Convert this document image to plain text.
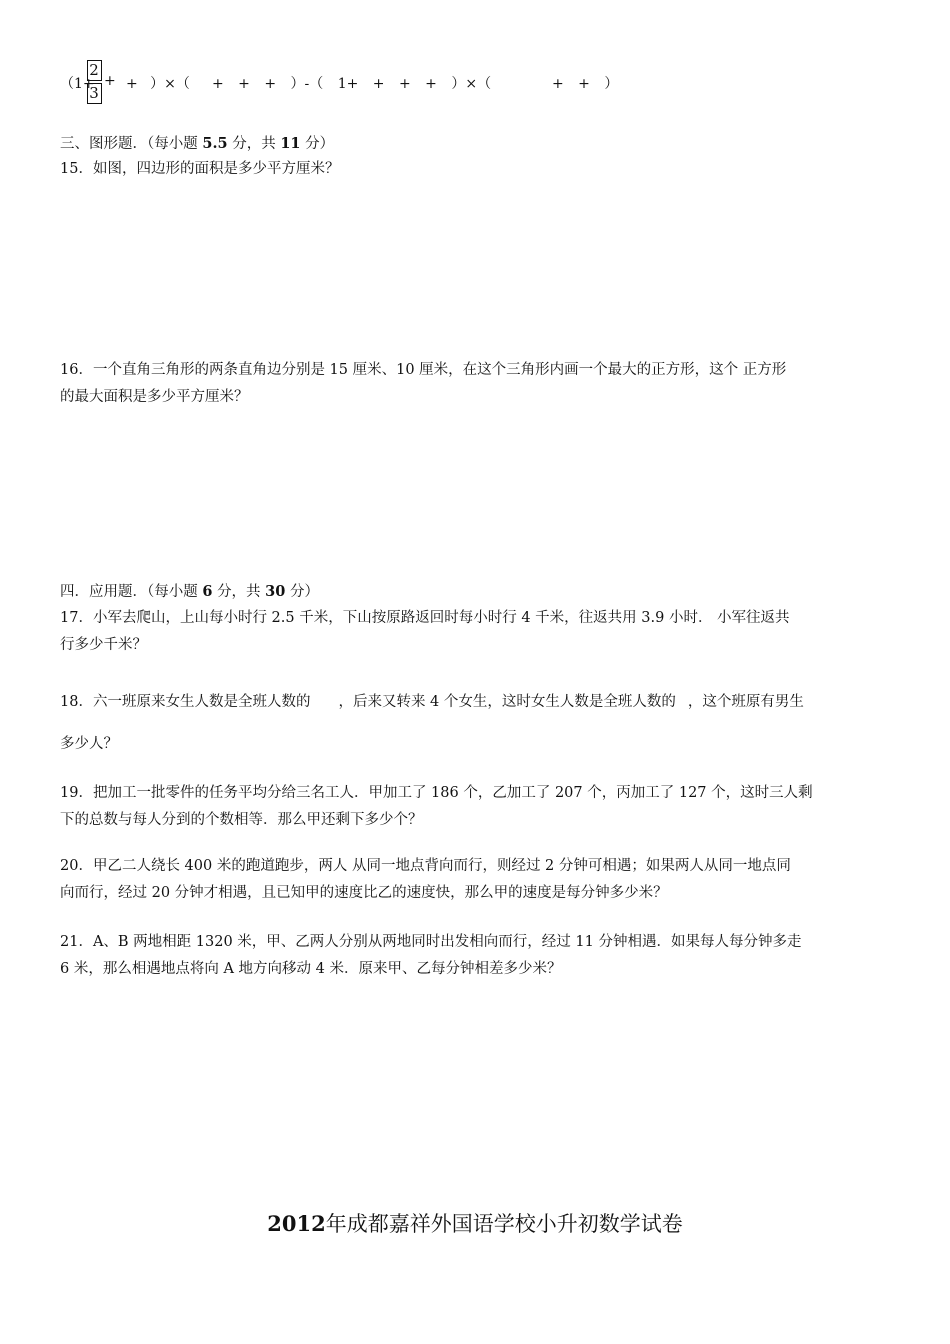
（1+
$\frac{2}{3}$ + + ）×（ + + + ）-（ 1+ + + + ）×（	+ + ）
三、图形题．（每小题 5.5 分，共 11 分）
15．如图，四边形的面积是多少平方厘米？
16．一个直角三角形的两条直角边分别是 15 厘米、10 厘米，在这个三角形内画一个最大的正方形，这个 正方形
的最大面积是多少平方厘米？
四．应用题．（每小题 6 分，共 30 分）
17．小军去爬山，上山每小时行 2.5 千米，下山按原路返回时每小时行 4 千米，往返共用 3.9 小时． 小军往返共
行多少千米？
18．六一班原来女生人数是全班人数的 ，后来又转来 4 个女生，这时女生人数是全班人数的 ，这个班原有男生
多少人？
19．把加工一批零件的任务平均分给三名工人．甲加工了 186 个，乙加工了 207 个，丙加工了 127 个，这时三人剩
下的总数与每人分到的个数相等．那么甲还剩下多少个？
20．甲乙二人绕长 400 米的跑道跑步，两人 从同一地点背向而行，则经过 2 分钟可相遇；如果两人从同一地点同
向而行，经过 20 分钟才相遇，且已知甲的速度比乙的速度快，那么甲的速度是每分钟多少米？
21．A、B 两地相距 1320 米，甲、乙两人分别从两地同时出发相向而行，经过 11 分钟相遇．如果每人每分钟多走
6 米，那么相遇地点将向 A 地方向移动 4 米．原来甲、乙每分钟相差多少米？
2012年成都嘉祥外国语学校小升初数学试卷
